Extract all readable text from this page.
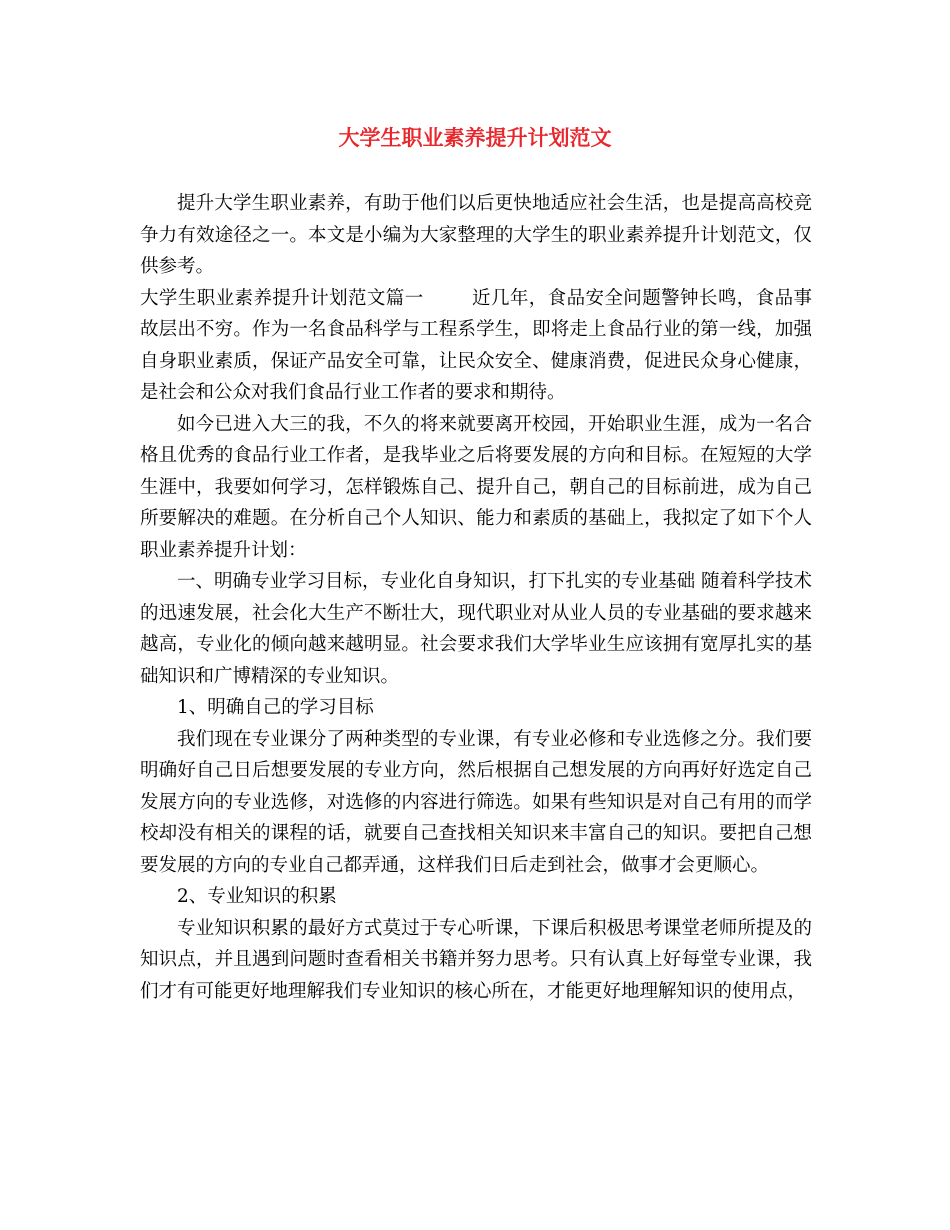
大学生职业素养提升计划范文

提升大学生职业素养，有助于他们以后更快地适应社会生活，也是提高高校竞争力有效途径之一。本文是小编为大家整理的大学生的职业素养提升计划范文，仅供参考。

大学生职业素养提升计划范文篇一	近几年，食品安全问题警钟长鸣，食品事故层出不穷。作为一名食品科学与工程系学生，即将走上食品行业的第一线，加强自身职业素质，保证产品安全可靠，让民众安全、健康消费，促进民众身心健康，是社会和公众对我们食品行业工作者的要求和期待。

如今已进入大三的我，不久的将来就要离开校园，开始职业生涯，成为一名合格且优秀的食品行业工作者，是我毕业之后将要发展的方向和目标。在短短的大学生涯中，我要如何学习，怎样锻炼自己、提升自己，朝自己的目标前进，成为自己所要解决的难题。在分析自己个人知识、能力和素质的基础上，我拟定了如下个人职业素养提升计划：

一、明确专业学习目标，专业化自身知识，打下扎实的专业基础 随着科学技术的迅速发展，社会化大生产不断壮大，现代职业对从业人员的专业基础的要求越来越高，专业化的倾向越来越明显。社会要求我们大学毕业生应该拥有宽厚扎实的基础知识和广博精深的专业知识。

1、明确自己的学习目标

我们现在专业课分了两种类型的专业课，有专业必修和专业选修之分。我们要明确好自己日后想要发展的专业方向，然后根据自己想发展的方向再好好选定自己发展方向的专业选修，对选修的内容进行筛选。如果有些知识是对自己有用的而学校却没有相关的课程的话，就要自己查找相关知识来丰富自己的知识。要把自己想要发展的方向的专业自己都弄通，这样我们日后走到社会，做事才会更顺心。

2、专业知识的积累

专业知识积累的最好方式莫过于专心听课，下课后积极思考课堂老师所提及的知识点，并且遇到问题时查看相关书籍并努力思考。只有认真上好每堂专业课，我们才有可能更好地理解我们专业知识的核心所在，才能更好地理解知识的使用点，
